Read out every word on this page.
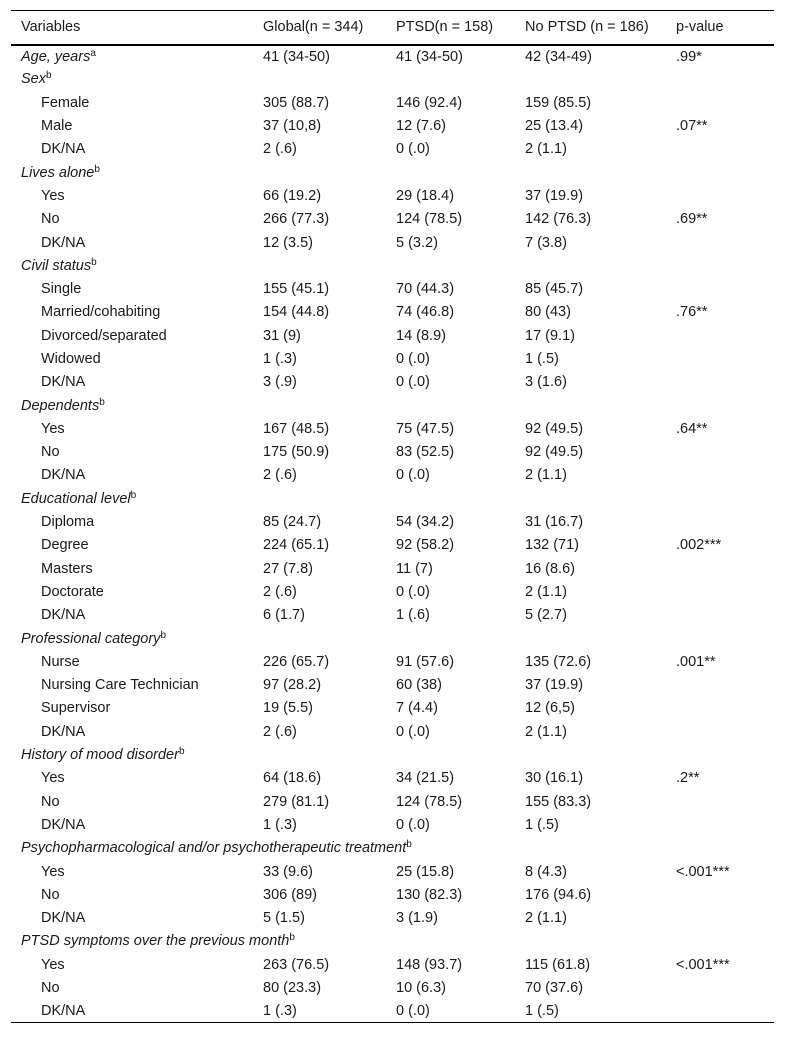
Variables	Global(n = 344)	PTSD(n = 158)	No PTSD (n = 186)	p-value
Age, years$^a$	41 (34-50)	41 (34-50)	42 (34-49)	.99*
Sex$^b$
Female	305 (88.7)	146 (92.4)	159 (85.5)	
Male	37 (10,8)	12 (7.6)	25 (13.4)	.07**
DK/NA	2 (.6)	0 (.0)	2 (1.1)	
Lives alone$^b$
Yes	66 (19.2)	29 (18.4)	37 (19.9)	
No	266 (77.3)	124 (78.5)	142 (76.3)	.69**
DK/NA	12 (3.5)	5 (3.2)	7 (3.8)	
Civil status$^b$
Single	155 (45.1)	70 (44.3)	85 (45.7)	
Married/cohabiting	154 (44.8)	74 (46.8)	80 (43)	.76**
Divorced/separated	31 (9)	14 (8.9)	17 (9.1)	
Widowed	1 (.3)	0 (.0)	1 (.5)	
DK/NA	3 (.9)	0 (.0)	3 (1.6)	
Dependents$^b$
Yes	167 (48.5)	75 (47.5)	92 (49.5)	.64**
No	175 (50.9)	83 (52.5)	92 (49.5)	
DK/NA	2 (.6)	0 (.0)	2 (1.1)	
Educational level$^b$
Diploma	85 (24.7)	54 (34.2)	31 (16.7)	
Degree	224 (65.1)	92 (58.2)	132 (71)	.002***
Masters	27 (7.8)	11 (7)	16 (8.6)	
Doctorate	2 (.6)	0 (.0)	2 (1.1)	
DK/NA	6 (1.7)	1 (.6)	5 (2.7)	
Professional category$^b$
Nurse	226 (65.7)	91 (57.6)	135 (72.6)	.001**
Nursing Care Technician	97 (28.2)	60 (38)	37 (19.9)	
Supervisor	19 (5.5)	7 (4.4)	12 (6,5)	
DK/NA	2 (.6)	0 (.0)	2 (1.1)	
History of mood disorder$^b$
Yes	64 (18.6)	34 (21.5)	30 (16.1)	.2**
No	279 (81.1)	124 (78.5)	155 (83.3)	
DK/NA	1 (.3)	0 (.0)	1 (.5)	
Psychopharmacological and/or psychotherapeutic treatment$^b$
Yes	33 (9.6)	25 (15.8)	8 (4.3)	<.001***
No	306 (89)	130 (82.3)	176 (94.6)	
DK/NA	5 (1.5)	3 (1.9)	2 (1.1)	
PTSD symptoms over the previous month$^b$
Yes	263 (76.5)	148 (93.7)	115 (61.8)	<.001***
No	80 (23.3)	10 (6.3)	70 (37.6)	
DK/NA	1 (.3)	0 (.0)	1 (.5)	
